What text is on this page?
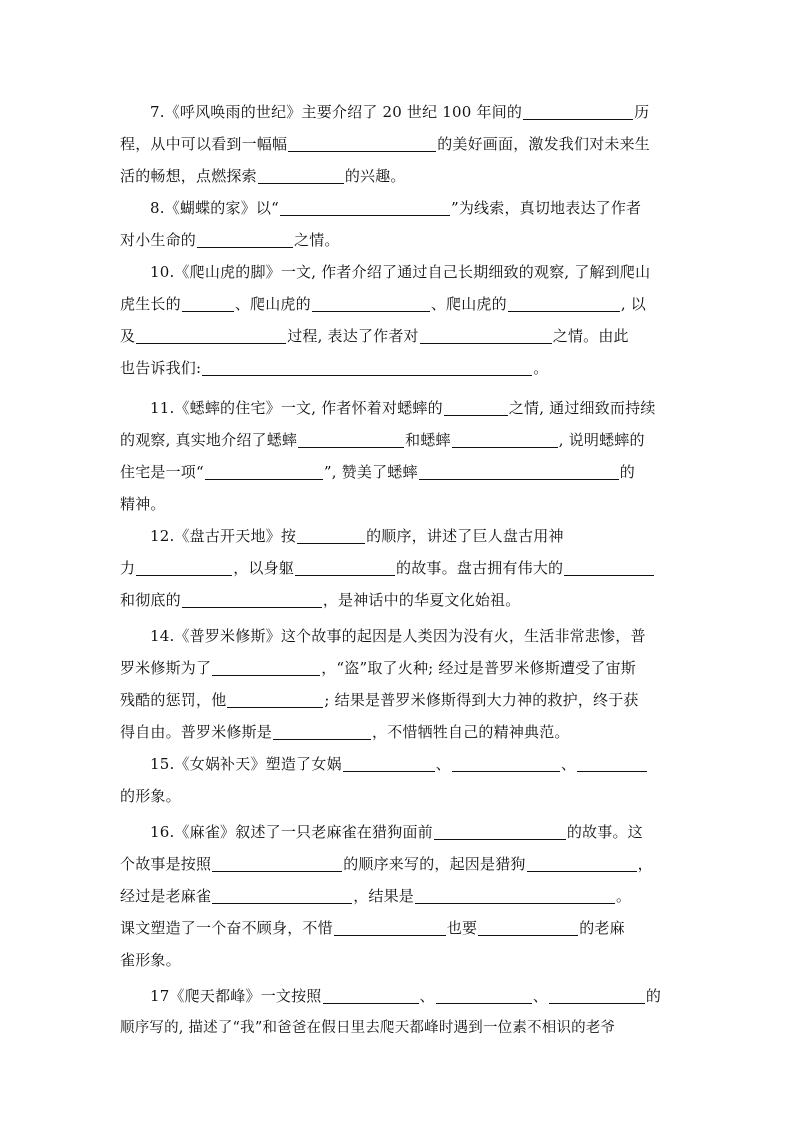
7.《呼风唤雨的世纪》主要介绍了 20 世纪 100 年间的	历
程，从中可以看到一幅幅	的美好画面，激发我们对未来生
活的畅想，点燃探索	的兴趣。
8.《蝴蝶的家》以“	”为线索，真切地表达了作者
对小生命的	之情。
10.《爬山虎的脚》一文, 作者介绍了通过自己长期细致的观察, 了解到爬山
虎生长的	、爬山虎的	、爬山虎的	, 以
及	过程, 表达了作者对	之情。由此
也告诉我们:	。
11.《蟋蟀的住宅》一文, 作者怀着对蟋蟀的	之情, 通过细致而持续
的观察, 真实地介绍了蟋蟀	和蟋蟀	, 说明蟋蟀的
住宅是一项“	”, 赞美了蟋蟀	的
精神。
12.《盘古开天地》按	的顺序，讲述了巨人盘古用神
力	，以身躯	的故事。盘古拥有伟大的
和彻底的	，是神话中的华夏文化始祖。
14.《普罗米修斯》这个故事的起因是人类因为没有火，生活非常悲惨，普
罗米修斯为了	，“盗”取了火种; 经过是普罗米修斯遭受了宙斯
残酷的惩罚，他	; 结果是普罗米修斯得到大力神的救护，终于获
得自由。普罗米修斯是	，不惜牺牲自己的精神典范。
15.《女娲补天》塑造了女娲	、	、
的形象。
16.《麻雀》叙述了一只老麻雀在猎狗面前	的故事。这
个故事是按照	的顺序来写的，起因是猎狗	，
经过是老麻雀	，结果是	。
课文塑造了一个奋不顾身，不惜	也要	的老麻
雀形象。
17《爬天都峰》一文按照	、	、	的
顺序写的, 描述了“我”和爸爸在假日里去爬天都峰时遇到一位素不相识的老爷
